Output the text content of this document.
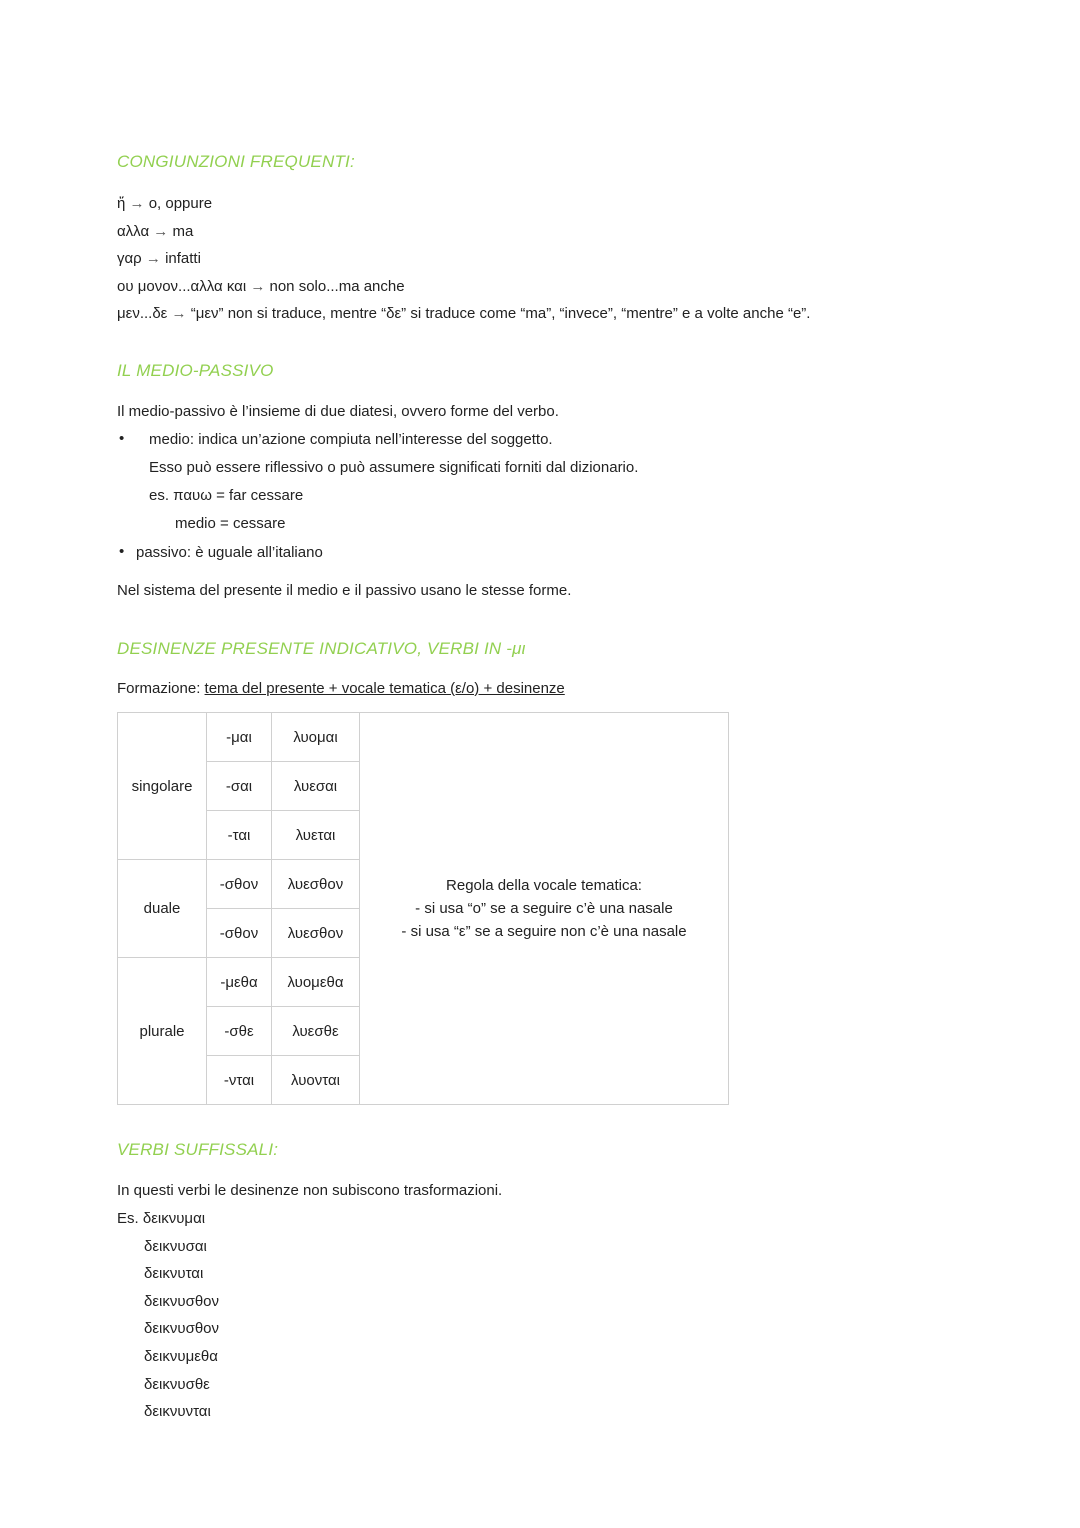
CONGIUNZIONI FREQUENTI:
ἤ → o, oppure
αλλα → ma
γαρ → infatti
ου μονον...αλλα και → non solo...ma anche
μεν...δε → “μεν” non si traduce, mentre “δε” si traduce come “ma”, “invece”, “mentre” e a volte anche “e”.
IL MEDIO-PASSIVO
Il medio-passivo è l’insieme di due diatesi, ovvero forme del verbo.
• medio: indica un’azione compiuta nell’interesse del soggetto.
Esso può essere riflessivo o può assumere significati forniti dal dizionario.
es. παυω = far cessare
medio = cessare
• passivo: è uguale all’italiano
Nel sistema del presente il medio e il passivo usano le stesse forme.
DESINENZE PRESENTE INDICATIVO, VERBI IN -μι
Formazione: tema del presente + vocale tematica (ε/o) + desinenze
singolare	-μαι	λυομαι	Regola della vocale tematica:
- si usa “o” se a seguire c’è una nasale
- si usa “ε” se a seguire non c’è una nasale

	-σαι	λυεσαι	
	-ται	λυεται	
duale	-σθον	λυεσθον	
	-σθον	λυεσθον	
plurale	-μεθα	λυομεθα	
	-σθε	λυεσθε	
	-νται	λυονται	
VERBI SUFFISSALI:
In questi verbi le desinenze non subiscono trasformazioni.
Es. δεικνυμαι
δεικνυσαι
δεικνυται
δεικνυσθον
δεικνυσθον
δεικνυμεθα
δεικνυσθε
δεικνυνται
